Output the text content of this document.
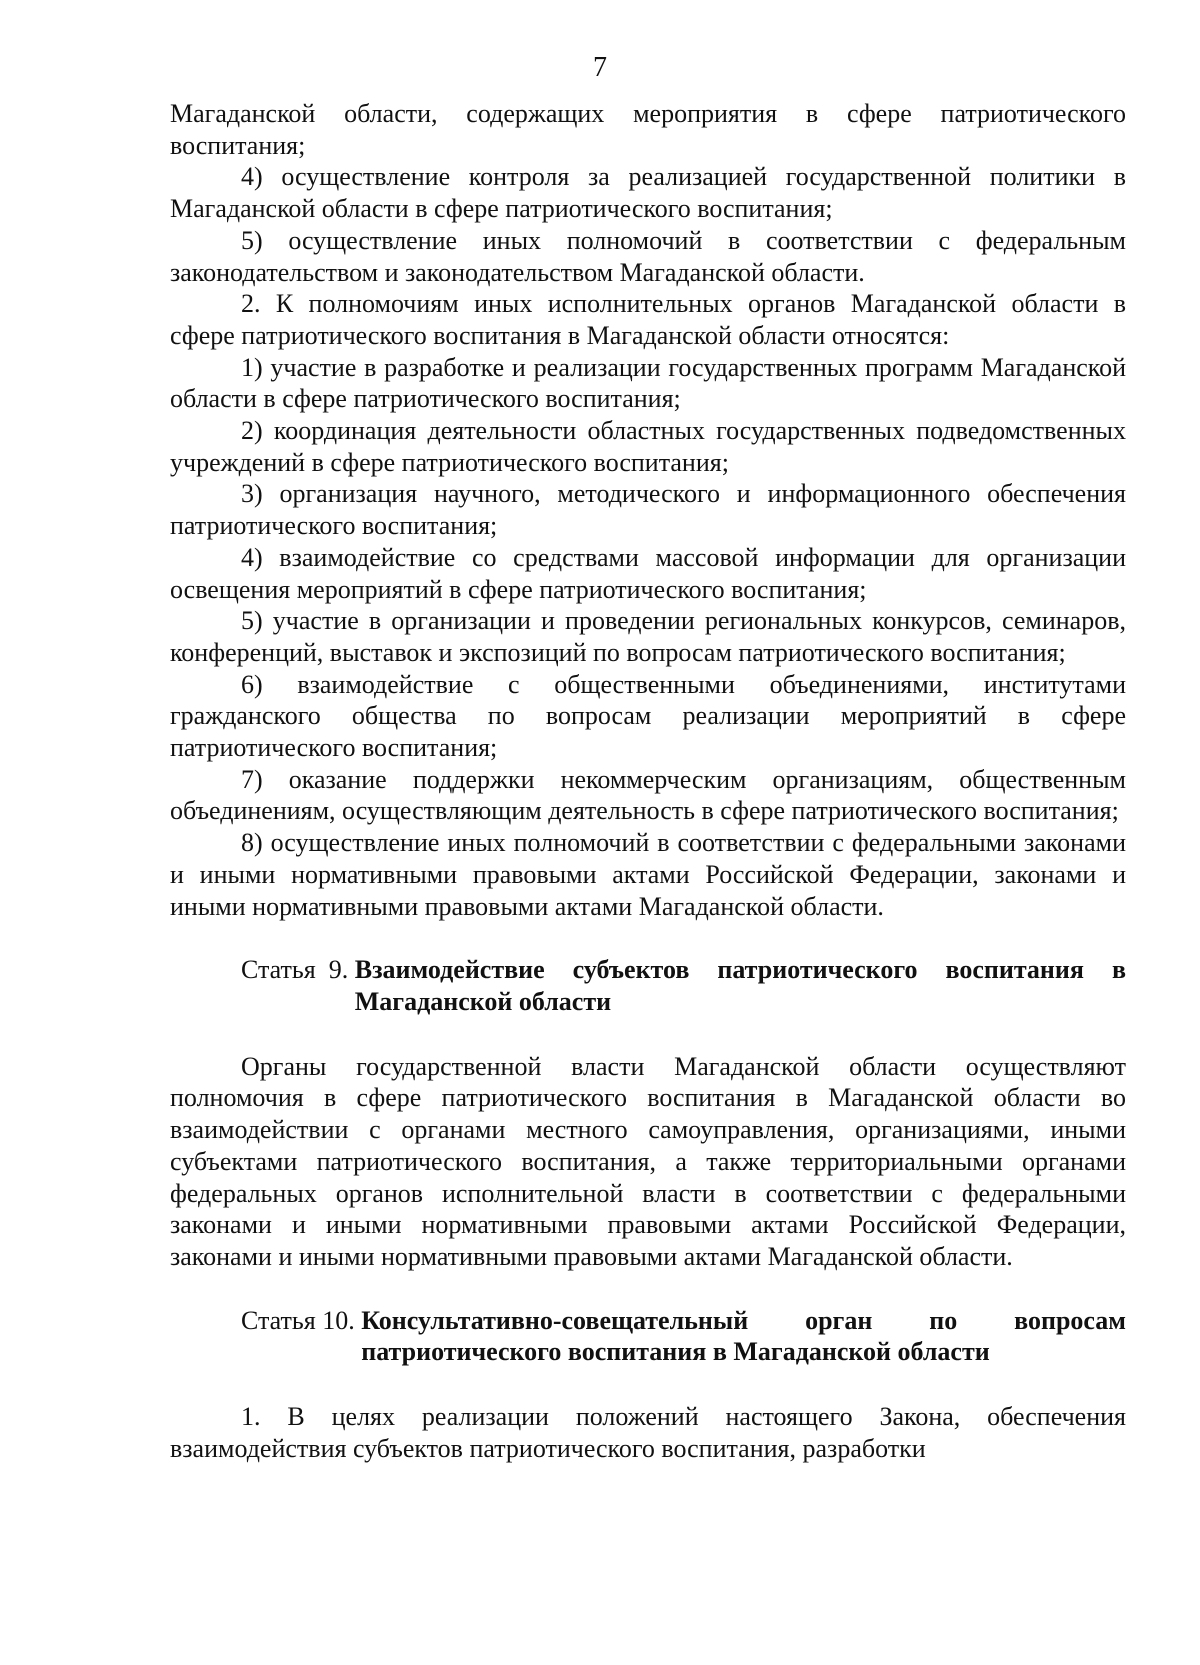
7

Магаданской области, содержащих мероприятия в сфере патриотического воспитания;

4) осуществление контроля за реализацией государственной политики в Магаданской области в сфере патриотического воспитания;

5) осуществление иных полномочий в соответствии с федеральным законодательством и законодательством Магаданской области.

2. К полномочиям иных исполнительных органов Магаданской области в сфере патриотического воспитания в Магаданской области относятся:

1) участие в разработке и реализации государственных программ Магаданской области в сфере патриотического воспитания;

2) координация деятельности областных государственных подведомственных учреждений в сфере патриотического воспитания;

3) организация научного, методического и информационного обеспечения патриотического воспитания;

4) взаимодействие со средствами массовой информации для организации освещения мероприятий в сфере патриотического воспитания;

5) участие в организации и проведении региональных конкурсов, семинаров, конференций, выставок и экспозиций по вопросам патриотического воспитания;

6) взаимодействие с общественными объединениями, институтами гражданского общества по вопросам реализации мероприятий в сфере патриотического воспитания;

7) оказание поддержки некоммерческим организациям, общественным объединениям, осуществляющим деятельность в сфере патриотического воспитания;

8) осуществление иных полномочий в соответствии с федеральными законами и иными нормативными правовыми актами Российской Федерации, законами и иными нормативными правовыми актами Магаданской области.

Статья  9. Взаимодействие субъектов патриотического воспитания в Магаданской области

Органы государственной власти Магаданской области осуществляют полномочия в сфере патриотического воспитания в Магаданской области во взаимодействии с органами местного самоуправления, организациями, иными субъектами патриотического воспитания, а также территориальными органами федеральных органов исполнительной власти в соответствии с федеральными законами и иными нормативными правовыми актами Российской Федерации, законами и иными нормативными правовыми актами Магаданской области.

Статья 10. Консультативно-совещательный орган по вопросам патриотического воспитания в Магаданской области

1. В целях реализации положений настоящего Закона, обеспечения взаимодействия субъектов патриотического воспитания, разработки
